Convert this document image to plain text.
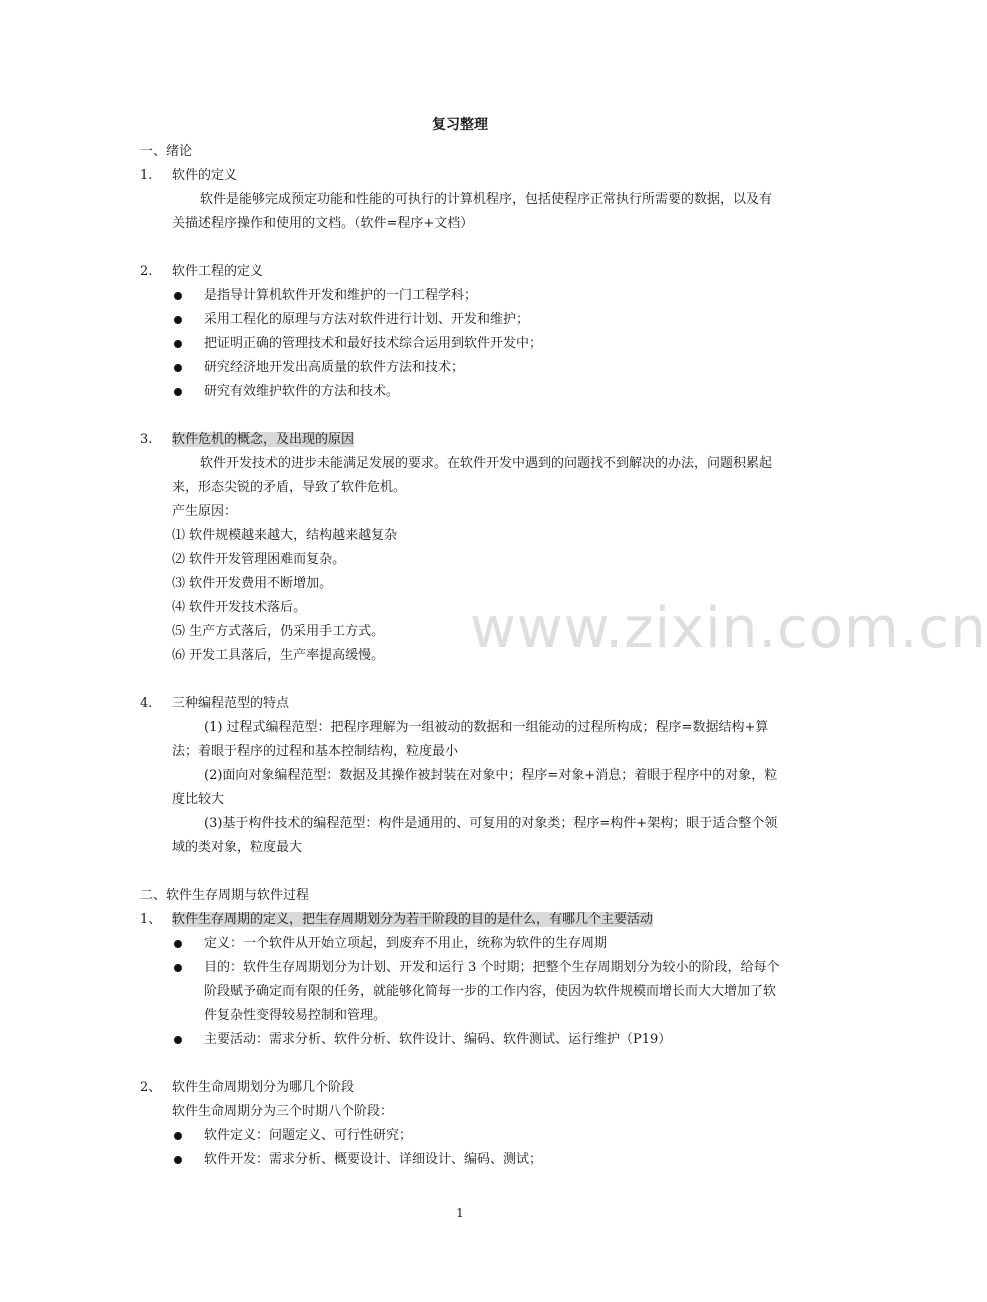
www.zixin.com.cn
复习整理
一、绪论
1. 软件的定义
软件是能够完成预定功能和性能的可执行的计算机程序，包括使程序正常执行所需要的数据，以及有关描述程序操作和使用的文档。（软件=程序+文档）
2. 软件工程的定义
是指导计算机软件开发和维护的一门工程学科；
采用工程化的原理与方法对软件进行计划、开发和维护；
把证明正确的管理技术和最好技术综合运用到软件开发中；
研究经济地开发出高质量的软件方法和技术；
研究有效维护软件的方法和技术。
3. 软件危机的概念，及出现的原因
软件开发技术的进步未能满足发展的要求。在软件开发中遇到的问题找不到解决的办法，问题积累起来，形态尖锐的矛盾，导致了软件危机。
产生原因：
⑴ 软件规模越来越大，结构越来越复杂
⑵ 软件开发管理困难而复杂。
⑶ 软件开发费用不断增加。
⑷ 软件开发技术落后。
⑸ 生产方式落后，仍采用手工方式。
⑹ 开发工具落后，生产率提高缓慢。
4. 三种编程范型的特点
(1) 过程式编程范型：把程序理解为一组被动的数据和一组能动的过程所构成；程序=数据结构+算法；着眼于程序的过程和基本控制结构，粒度最小
(2)面向对象编程范型：数据及其操作被封装在对象中；程序=对象+消息；着眼于程序中的对象，粒度比较大
(3)基于构件技术的编程范型：构件是通用的、可复用的对象类；程序=构件+架构；眼于适合整个领域的类对象，粒度最大
二、软件生存周期与软件过程
1、 软件生存周期的定义，把生存周期划分为若干阶段的目的是什么，有哪几个主要活动
定义：一个软件从开始立项起，到废弃不用止，统称为软件的生存周期
目的：软件生存周期划分为计划、开发和运行 3 个时期；把整个生存周期划分为较小的阶段，给每个阶段赋予确定而有限的任务，就能够化简每一步的工作内容，使因为软件规模而增长而大大增加了软件复杂性变得较易控制和管理。
主要活动：需求分析、软件分析、软件设计、编码、软件测试、运行维护（P19）
2、 软件生命周期划分为哪几个阶段
软件生命周期分为三个时期八个阶段：
软件定义：问题定义、可行性研究；
软件开发：需求分析、概要设计、详细设计、编码、测试；
1
